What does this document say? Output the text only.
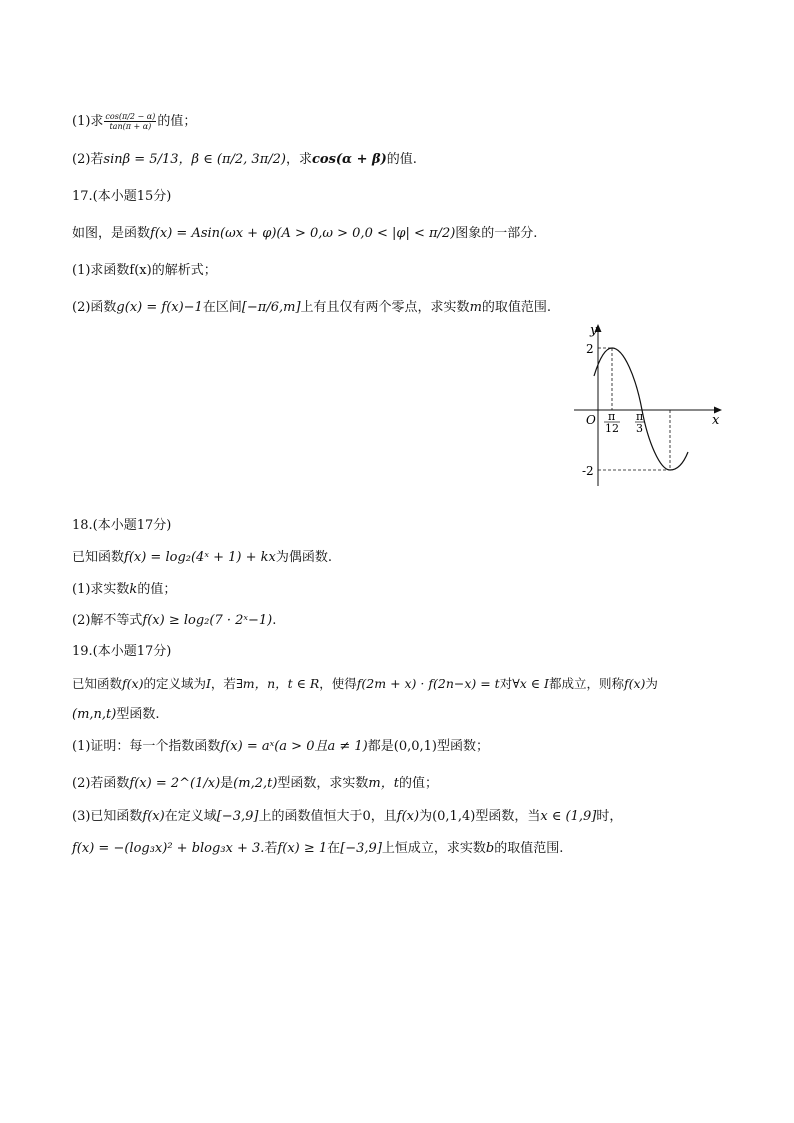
(1)求 $\frac{\cos(\pi/2 - \alpha)}{\tan(\pi + \alpha)}$ 的值；
(2)若sinβ = 5/13，β ∈ (π/2, 3π/2)，求cos(α + β)的值.
17.(本小题15分)
如图，是函数f(x) = Asin(ωx + φ)(A > 0,ω > 0,0 < |φ| < π/2)图象的一部分.
(1)求函数f(x)的解析式；
(2)函数g(x) = f(x)−1在区间[−π/6,m]上有且仅有两个零点，求实数m的取值范围.
y
x
O
2
-2
π
12
π
3
18.(本小题17分)
已知函数f(x) = log₂(4ˣ + 1) + kx为偶函数.
(1)求实数k的值；
(2)解不等式f(x) ≥ log₂(7 · 2ˣ−1).
19.(本小题17分)
已知函数f(x)的定义域为I，若∃m，n，t ∈ R，使得f(2m + x) · f(2n−x) = t对∀x ∈ I都成立，则称f(x)为
(m,n,t)型函数.
(1)证明：每一个指数函数f(x) = aˣ(a > 0且a ≠ 1)都是(0,0,1)型函数；
(2)若函数f(x) = 2^(1/x)是(m,2,t)型函数，求实数m，t的值；
(3)已知函数f(x)在定义域[−3,9]上的函数值恒大于0，且f(x)为(0,1,4)型函数，当x ∈ (1,9]时，
f(x) = −(log₃x)² + blog₃x + 3.若f(x) ≥ 1在[−3,9]上恒成立，求实数b的取值范围.
